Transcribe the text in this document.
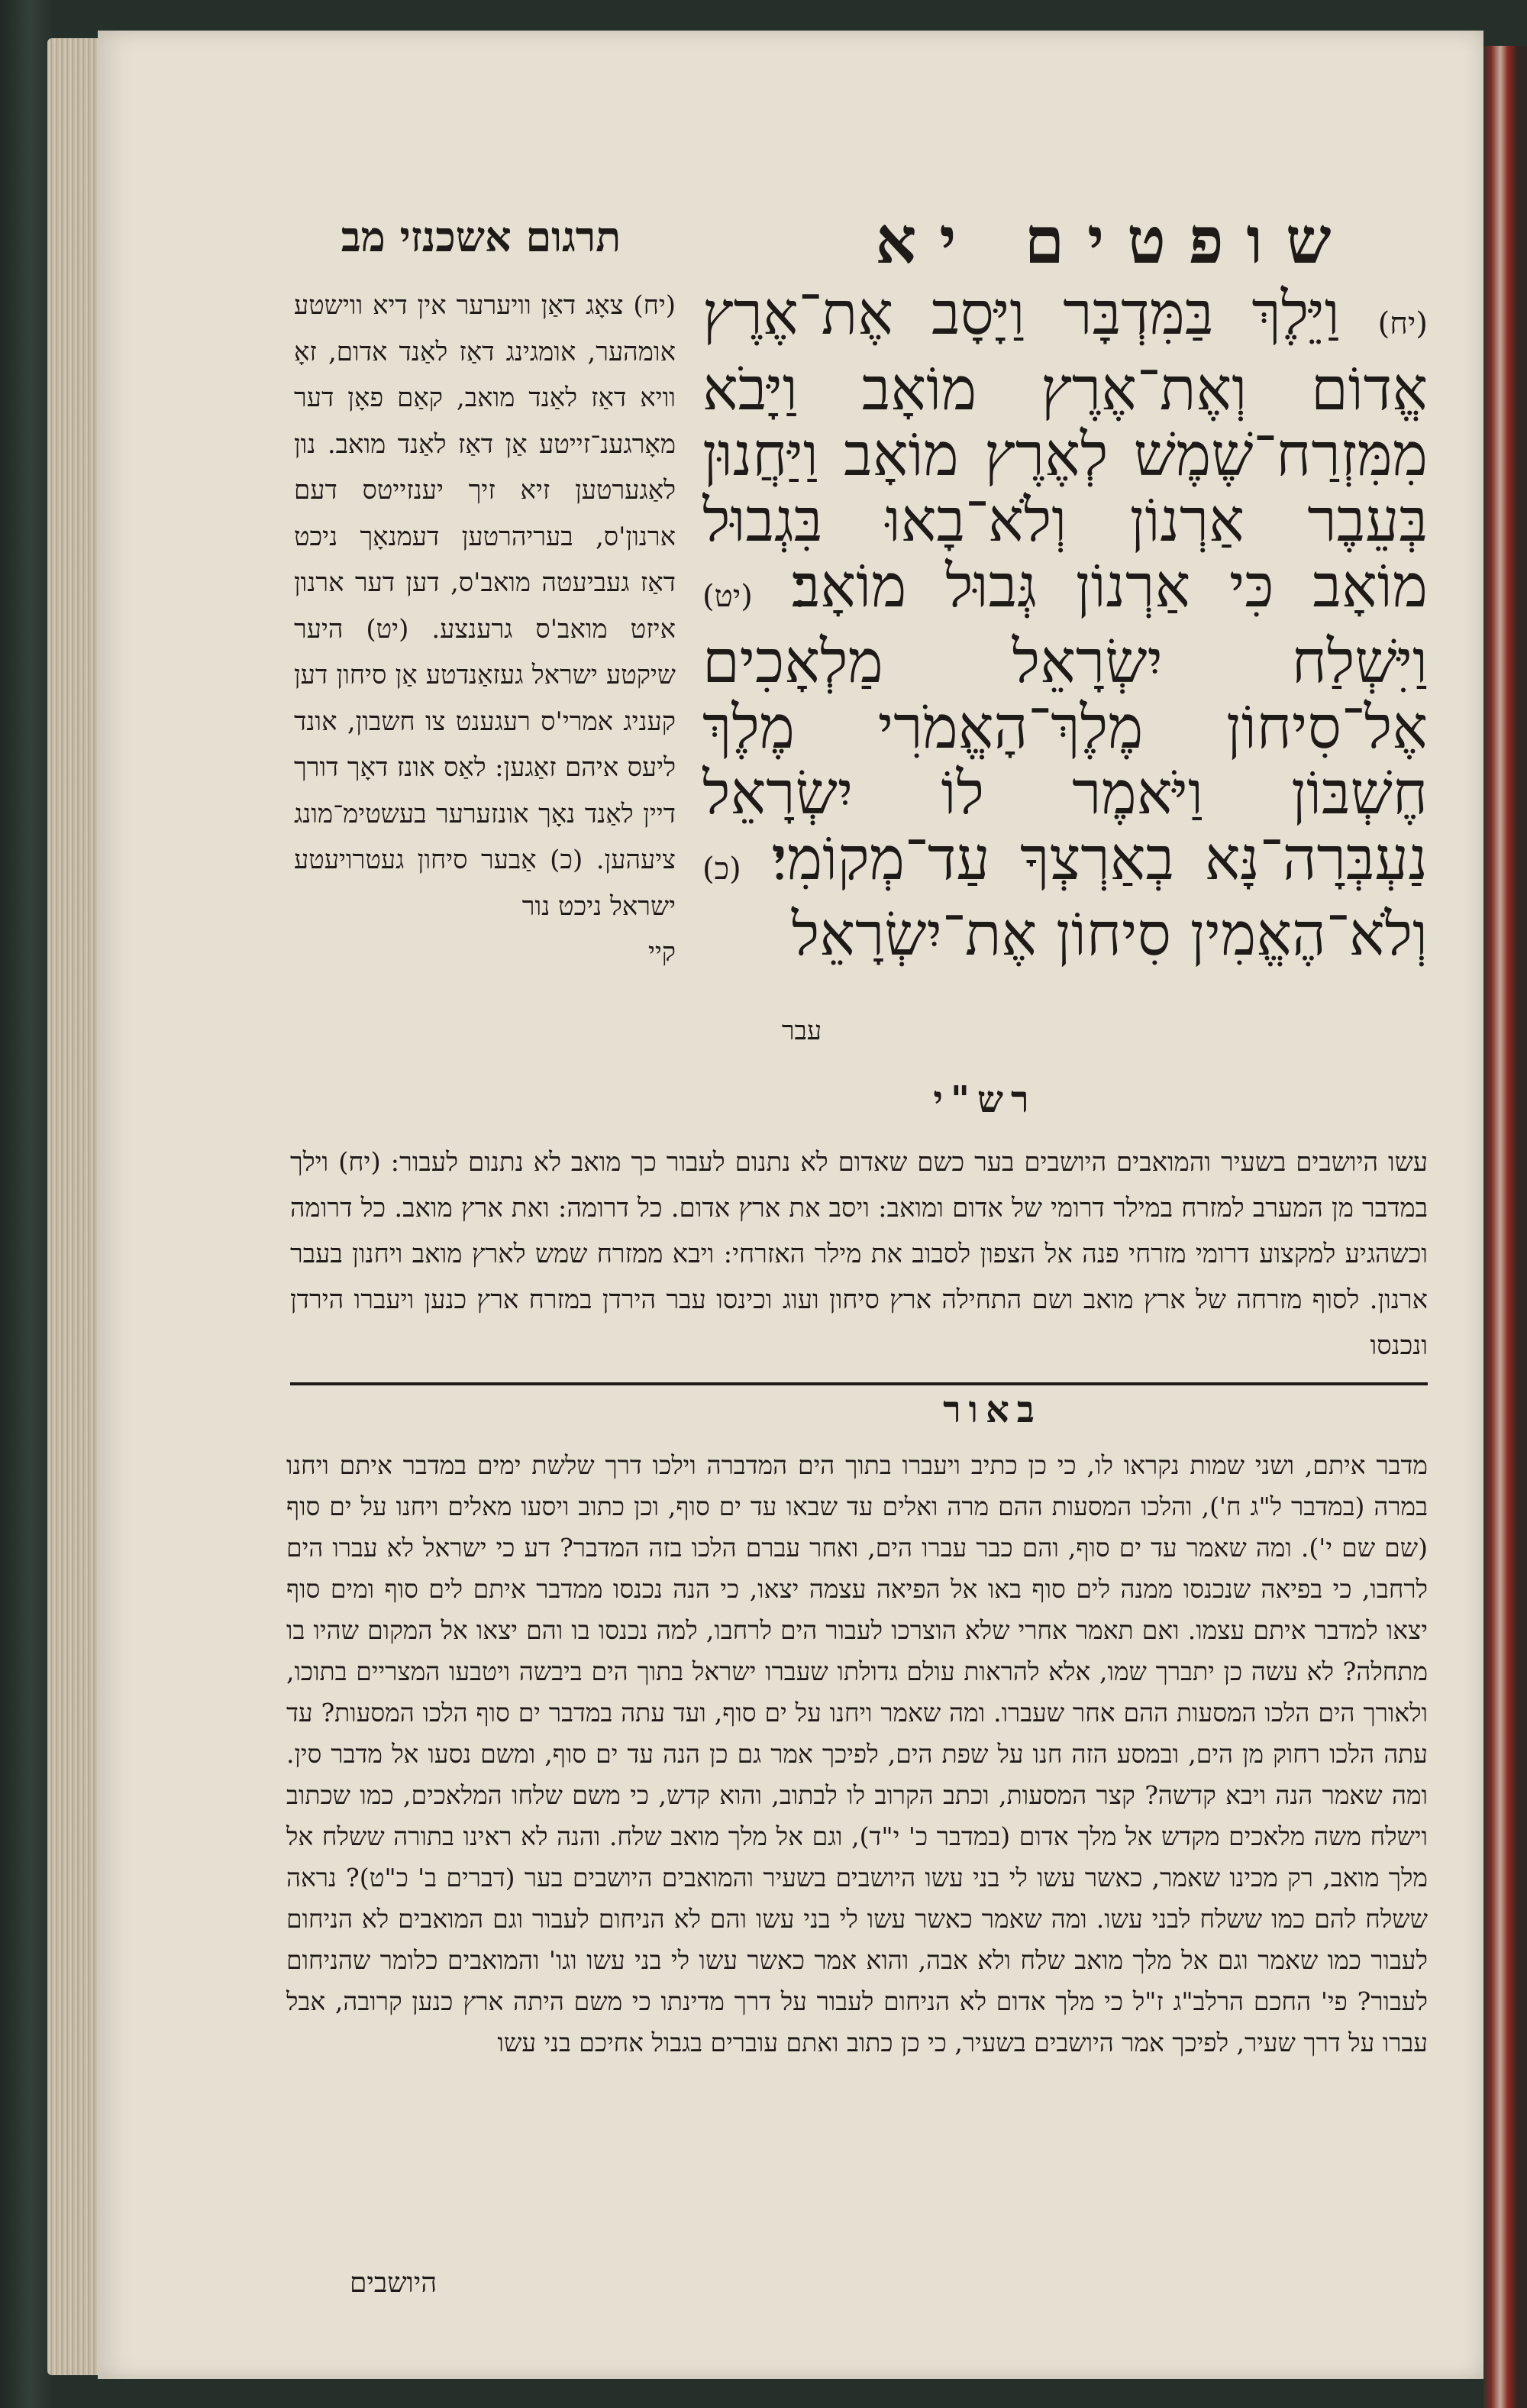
תרגום אשכנזי מב	שופטים יא
(יח) וַיֵּלֶךְ בַּמִּדְבָּר וַיָּסָב אֶת־אֶרֶץ אֱדוֹם וְאֶת־אֶרֶץ מוֹאָב וַיָּבֹא מִמִּזְרַח־שֶׁמֶשׁ לְאֶרֶץ מוֹאָב וַיַּחֲנוּן בְּעֵבֶר אַרְנוֹן וְלֹא־בָאוּ בִּגְבוּל מוֹאָב כִּי אַרְנוֹן גְּבוּל מוֹאָב׃ (יט) וַיִּשְׁלַח יִשְׂרָאֵל מַלְאָכִים אֶל־סִיחוֹן מֶלֶךְ־הָאֱמֹרִי מֶלֶךְ חֶשְׁבּוֹן וַיֹּאמֶר לוֹ יִשְׂרָאֵל נַעְבְּרָה־נָּא בְאַרְצְךָ עַד־מְקוֹמִי׃ (כ) וְלֹא־הֶאֱמִין סִיחוֹן אֶת־יִשְׂרָאֵל
(יח) צאָג דאַן וויערער אין דיא ווישטע אומהער, אומגינג דאַז לאַנד אדום, זאָ וויא דאַז לאַנד מואב, קאַם פאָן דער מאָרגענ־זייטע אַן דאַז לאַנד מואב. נון לאַגערטען זיא זיך יענזייטס דעם ארנון'ס, בעריהרטען דעמנאָך ניכט דאַז געביעטה מואב'ס, דען דער ארנון איזט מואב'ס גרענצע. (יט) היער שיקטע ישראל געזאַנדטע אַן סיחון דען קעניג אמרי'ס רעגענט צו חשבון, אונד ליעס איהם זאַגען: לאַס אונז דאָך דורך דיין לאַנד נאָך אונזערער בעשטימ־מונג ציעהען. (כ) אַבער סיחון געטרויעטע ישראל ניכט נור
קיי
עבר
רש"י
עשו היושבים בשעיר והמואבים היושבים בער כשם שאדום לא נתנום לעבור כך מואב לא נתנום לעבור: (יח) וילך במדבר מן המערב למזרח במילר דרומי של אדום ומואב: ויסב את ארץ אדום. כל דרומה: ואת ארץ מואב. כל דרומה וכשהגיע למקצוע דרומי מזרחי פנה אל הצפון לסבוב את מילר האזרחי: ויבא ממזרח שמש לארץ מואב ויחנון בעבר ארנון. לסוף מזרחה של ארץ מואב ושם התחילה ארץ סיחון ועוג וכינסו עבר הירדן במזרח ארץ כנען ויעברו הירדן ונכנסו
באור
מדבר איתם, ושני שמות נקראו לו, כי כן כתיב ויעברו בתוך הים המדברה וילכו דרך שלשת ימים במדבר איתם ויחנו במרה (במדבר ל"ג ח'), והלכו המסעות ההם מרה ואלים עד שבאו עד ים סוף, וכן כתוב ויסעו מאלים ויחנו על ים סוף (שם שם י'). ומה שאמר עד ים סוף, והם כבר עברו הים, ואחר עברם הלכו בזה המדבר? דע כי ישראל לא עברו הים לרחבו, כי בפיאה שנכנסו ממנה לים סוף באו אל הפיאה עצמה יצאו, כי הנה נכנסו ממדבר איתם לים סוף ומים סוף יצאו למדבר איתם עצמו. ואם תאמר אחרי שלא הוצרכו לעבור הים לרחבו, למה נכנסו בו והם יצאו אל המקום שהיו בו מתחלה? לא עשה כן יתברך שמו, אלא להראות עולם גדולתו שעברו ישראל בתוך הים ביבשה ויטבעו המצריים בתוכו, ולאורך הים הלכו המסעות ההם אחר שעברו. ומה שאמר ויחנו על ים סוף, ועד עתה במדבר ים סוף הלכו המסעות? עד עתה הלכו רחוק מן הים, ובמסע הזה חנו על שפת הים, לפיכך אמר גם כן הנה עד ים סוף, ומשם נסעו אל מדבר סין. ומה שאמר הנה ויבא קדשה? קצר המסעות, וכתב הקרוב לו לבתוב, והוא קדש, כי משם שלחו המלאכים, כמו שכתוב וישלח משה מלאכים מקדש אל מלך אדום (במדבר כ' י"ד), וגם אל מלך מואב שלח. והנה לא ראינו בתורה ששלח אל מלך מואב, רק מכינו שאמר, כאשר עשו לי בני עשו היושבים בשעיר והמואבים היושבים בער (דברים ב' כ"ט)? נראה ששלח להם כמו ששלח לבני עשו. ומה שאמר כאשר עשו לי בני עשו והם לא הניחום לעבור וגם המואבים לא הניחום לעבור כמו שאמר וגם אל מלך מואב שלח ולא אבה, והוא אמר כאשר עשו לי בני עשו וגו' והמואבים כלומר שהניחום לעבור? פי' החכם הרלב"ג ז"ל כי מלך אדום לא הניחום לעבור על דרך מדינתו כי משם היתה ארץ כנען קרובה, אבל עברו על דרך שעיר, לפיכך אמר היושבים בשעיר, כי כן כתוב ואתם עוברים בגבול אחיכם בני עשו
היושבים
